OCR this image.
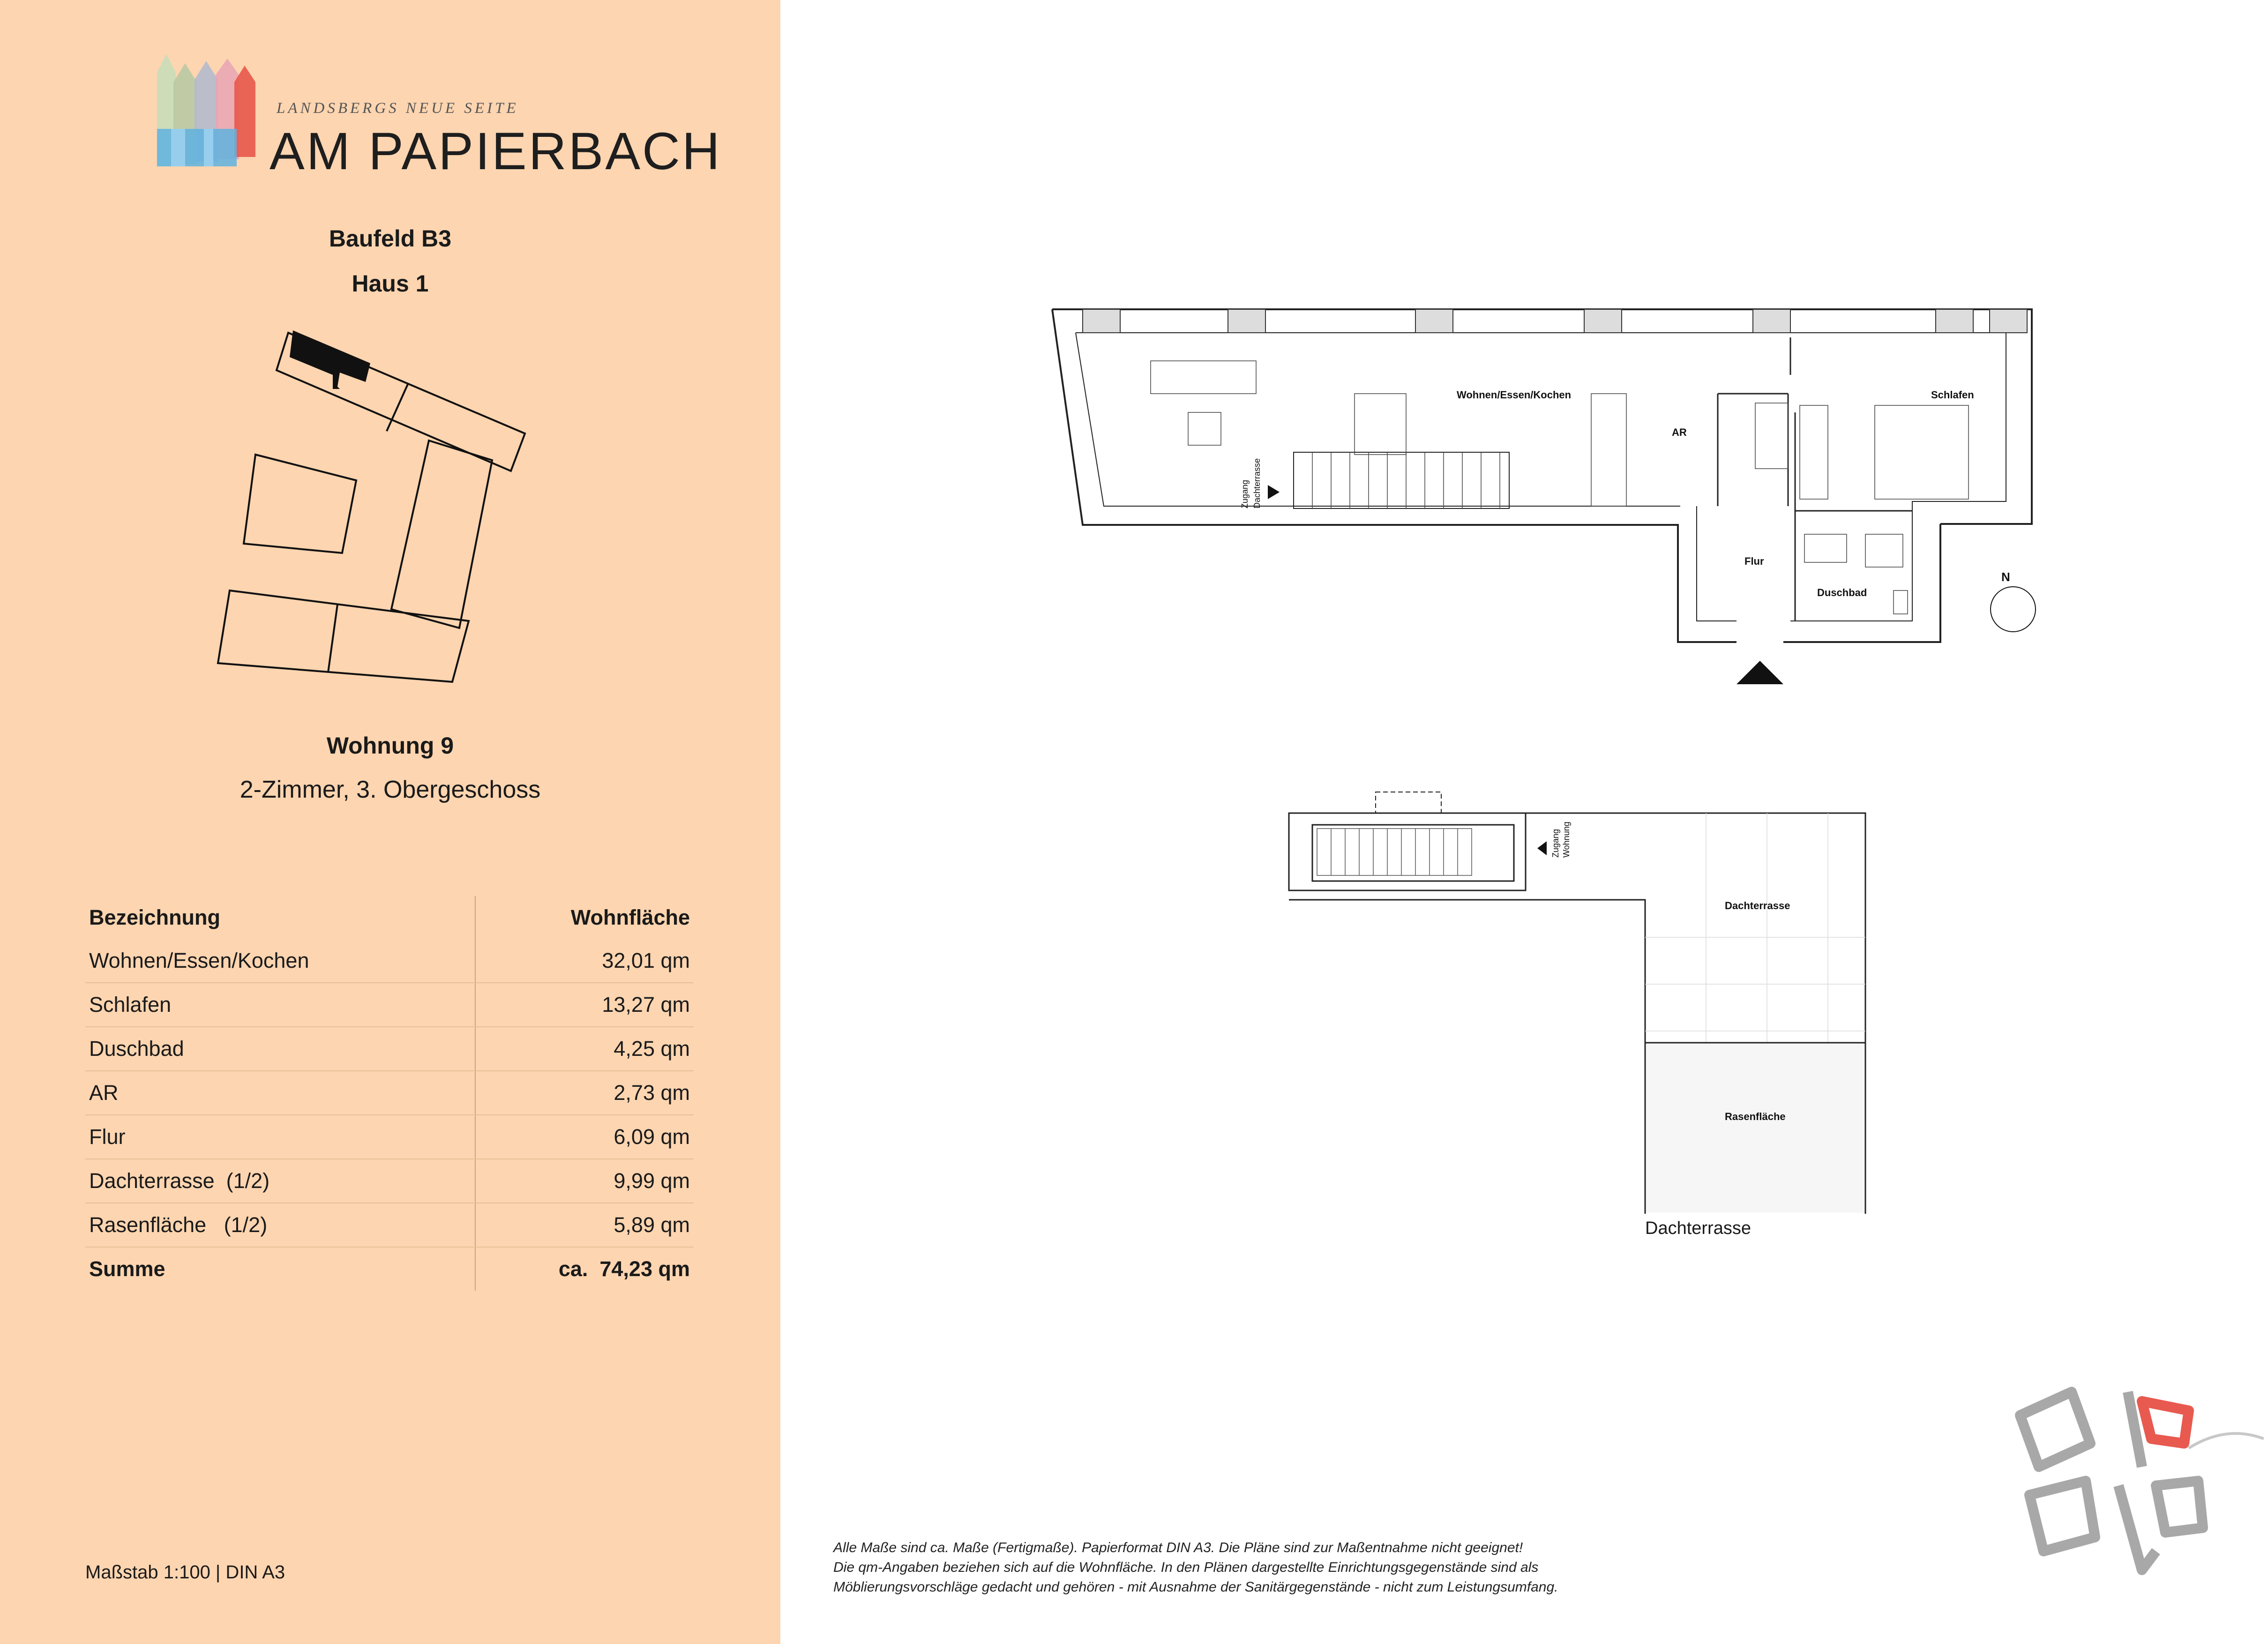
LANDSBERGS NEUE SEITE
AM PAPIERBACH
Baufeld B3
Haus 1
Wohnung 9
2-Zimmer, 3. Obergeschoss
Bezeichnung	Wohnfläche
Wohnen/Essen/Kochen	32,01 qm
Schlafen	13,27 qm
Duschbad	4,25 qm
AR	2,73 qm
Flur	6,09 qm
Dachterrasse  (1/2)	9,99 qm
Rasenfläche   (1/2)	5,89 qm
Summe	ca.  74,23 qm
Maßstab 1:100 | DIN A3
N
Wohnen/Essen/Kochen	Schlafen
AR
Flur
Duschbad
Zugang Dachterrasse
Zugang Wohnung
Dachterrasse
Rasenfläche
Dachterrasse
Alle Maße sind ca. Maße (Fertigmaße). Papierformat DIN A3. Die Pläne sind zur Maßentnahme nicht geeignet!
Die qm-Angaben beziehen sich auf die Wohnfläche. In den Plänen dargestellte Einrichtungsgegenstände sind als
Möblierungsvorschläge gedacht und gehören - mit Ausnahme der Sanitärgegenstände - nicht zum Leistungsumfang.
